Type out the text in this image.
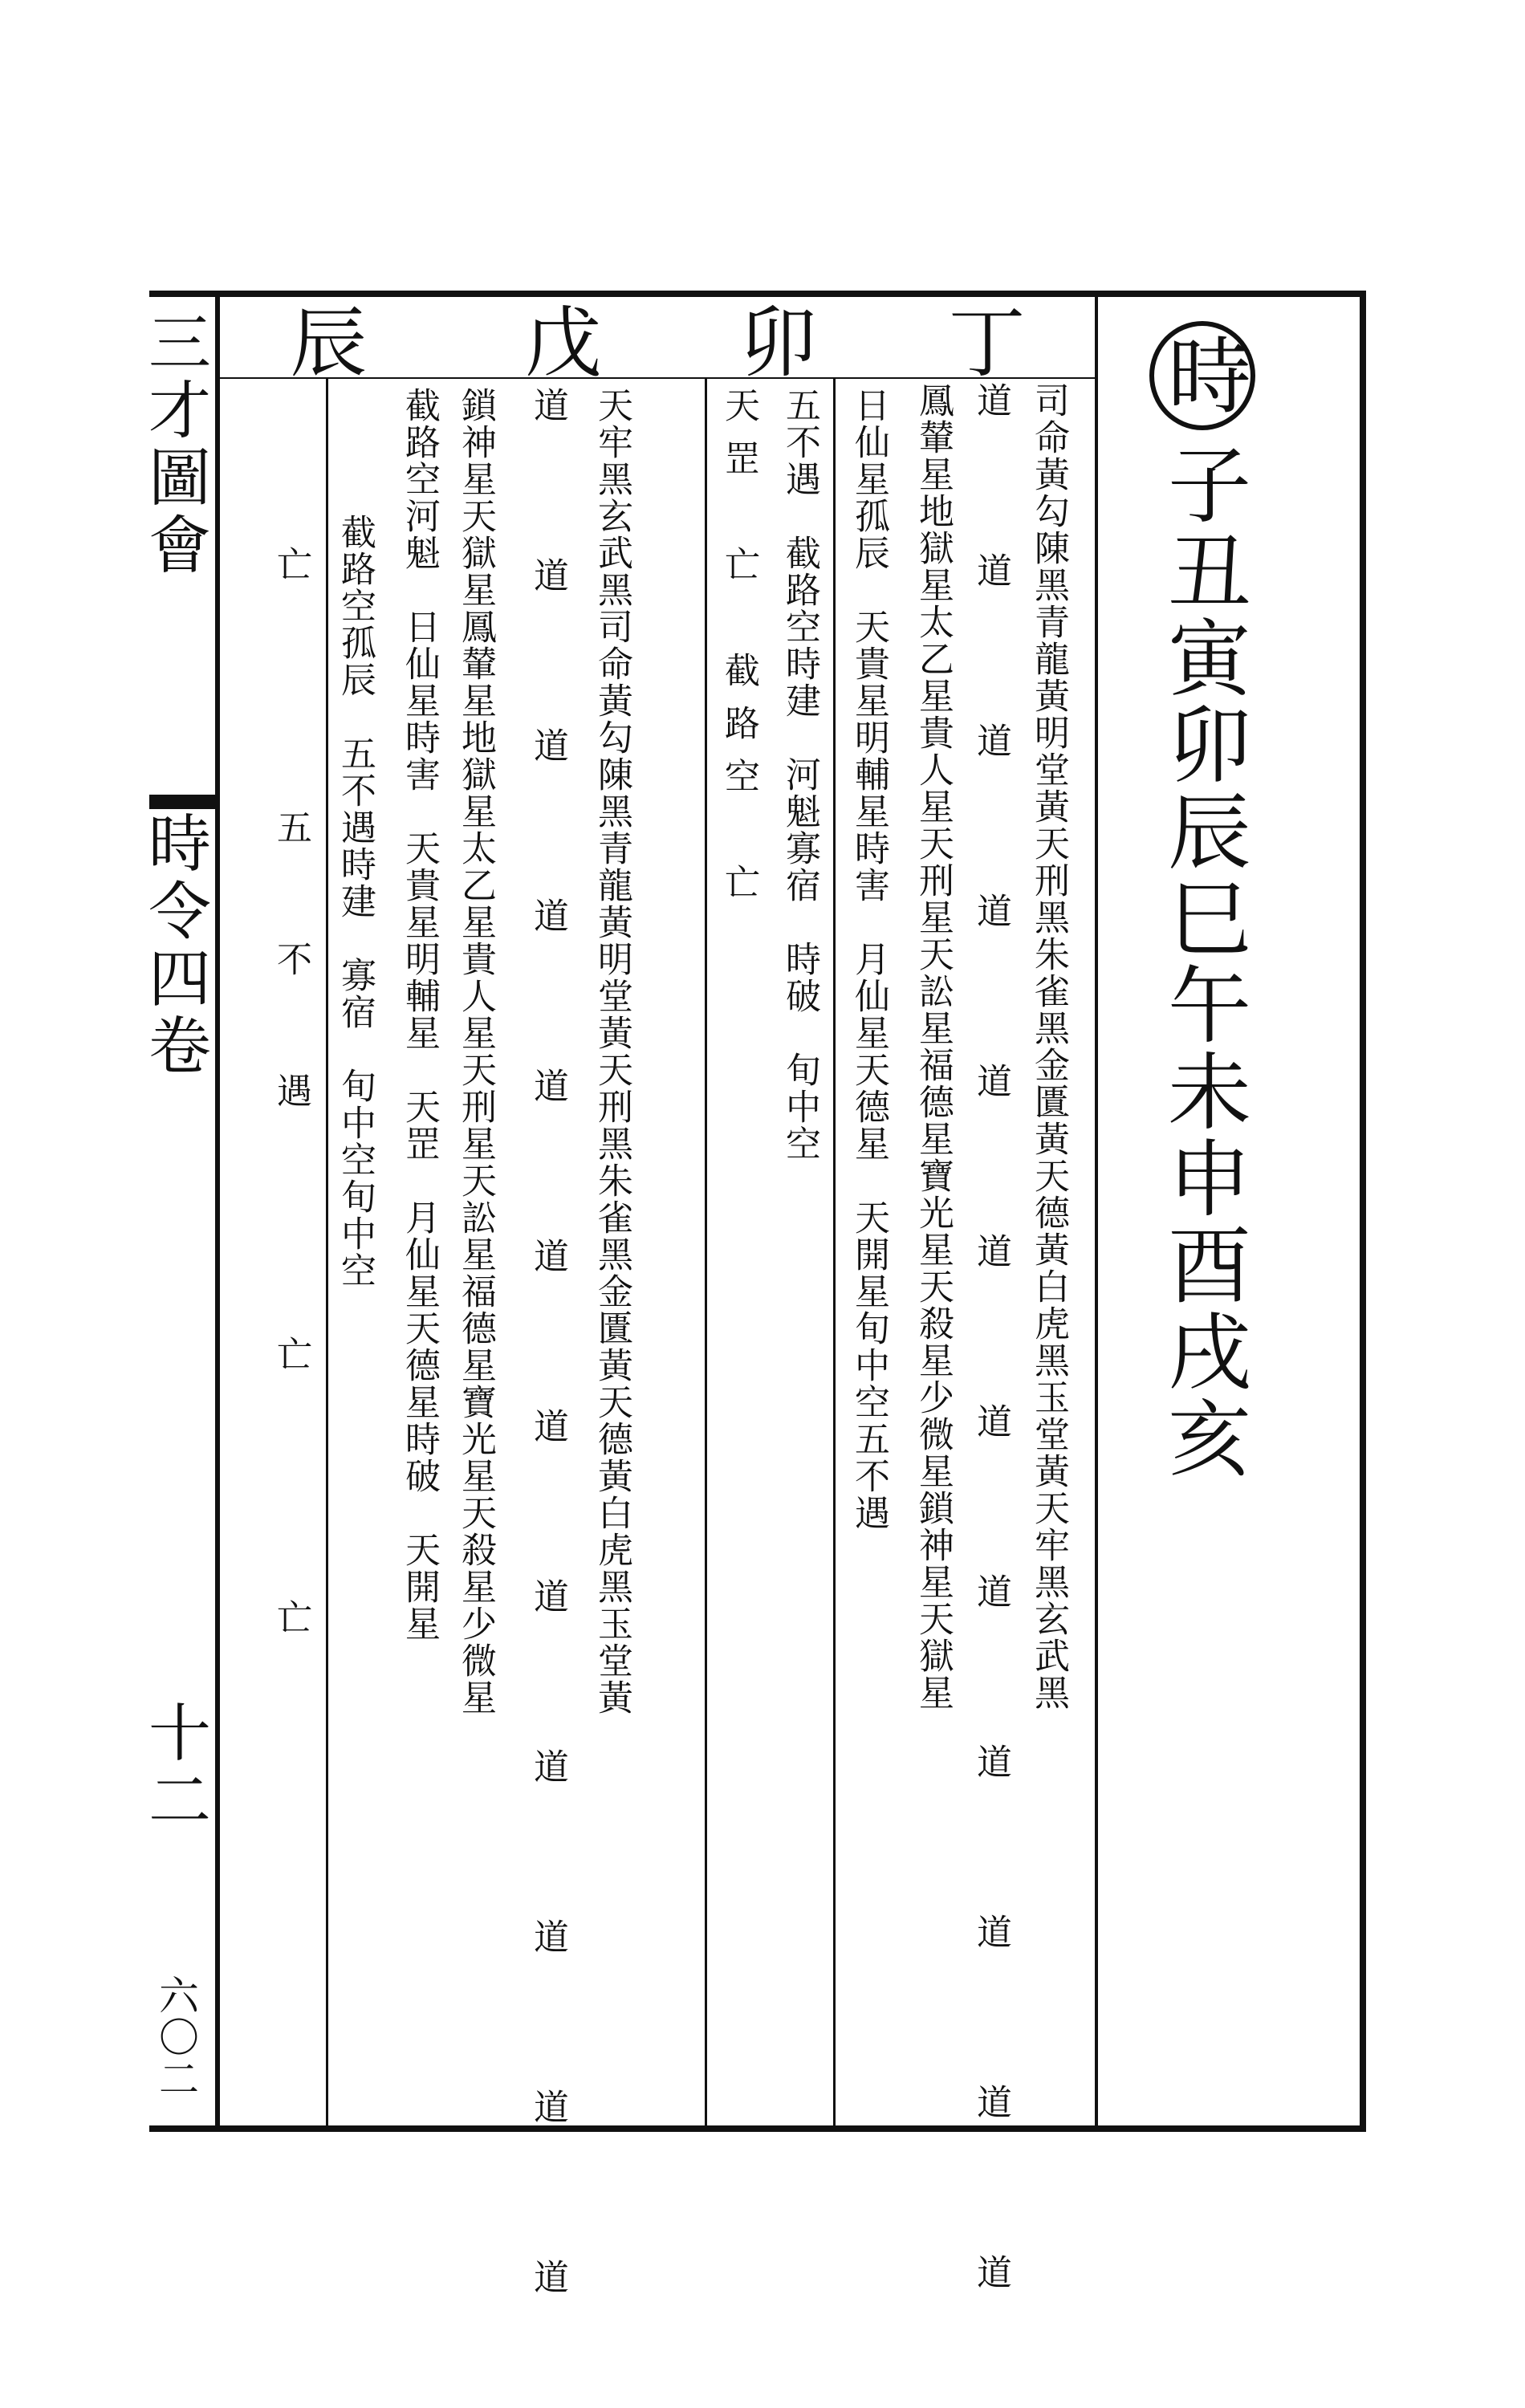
時子丑寅卯辰巳午未申酉戌亥
司命黃勾陳黑青龍黃明堂黃天刑黑朱雀黑金匱黃天德黃白虎黑玉堂黃天牢黑玄武黑
道　道　道　道　道　道　道　道　道　道　道　道
鳳輦星地獄星太乙星貴人星天刑星天訟星福德星寶光星天殺星少微星鎖神星天獄星
丁
日仙星孤辰　天貴星明輔星時害　月仙星天德星　天開星旬中空五不遇
五不遇　截路空時建　河魁寡宿　時破　旬中空
卯
天罡　亡　截路空　亡
天牢黑玄武黑司命黃勾陳黑青龍黃明堂黃天刑黑朱雀黑金匱黃天德黃白虎黑玉堂黃
道　道　道　道　道　道　道　道　道　道　道　道
鎖神星天獄星鳳輦星地獄星太乙星貴人星天刑星天訟星福德星寶光星天殺星少微星
戊
截路空河魁　日仙星時害　天貴星明輔星　天罡　月仙星天德星時破　天開星
截路空孤辰　五不遇時建　寡宿　旬中空旬中空
辰
亡　五不遇　亡　亡
三才圖會
時令四卷
十二
六〇二
